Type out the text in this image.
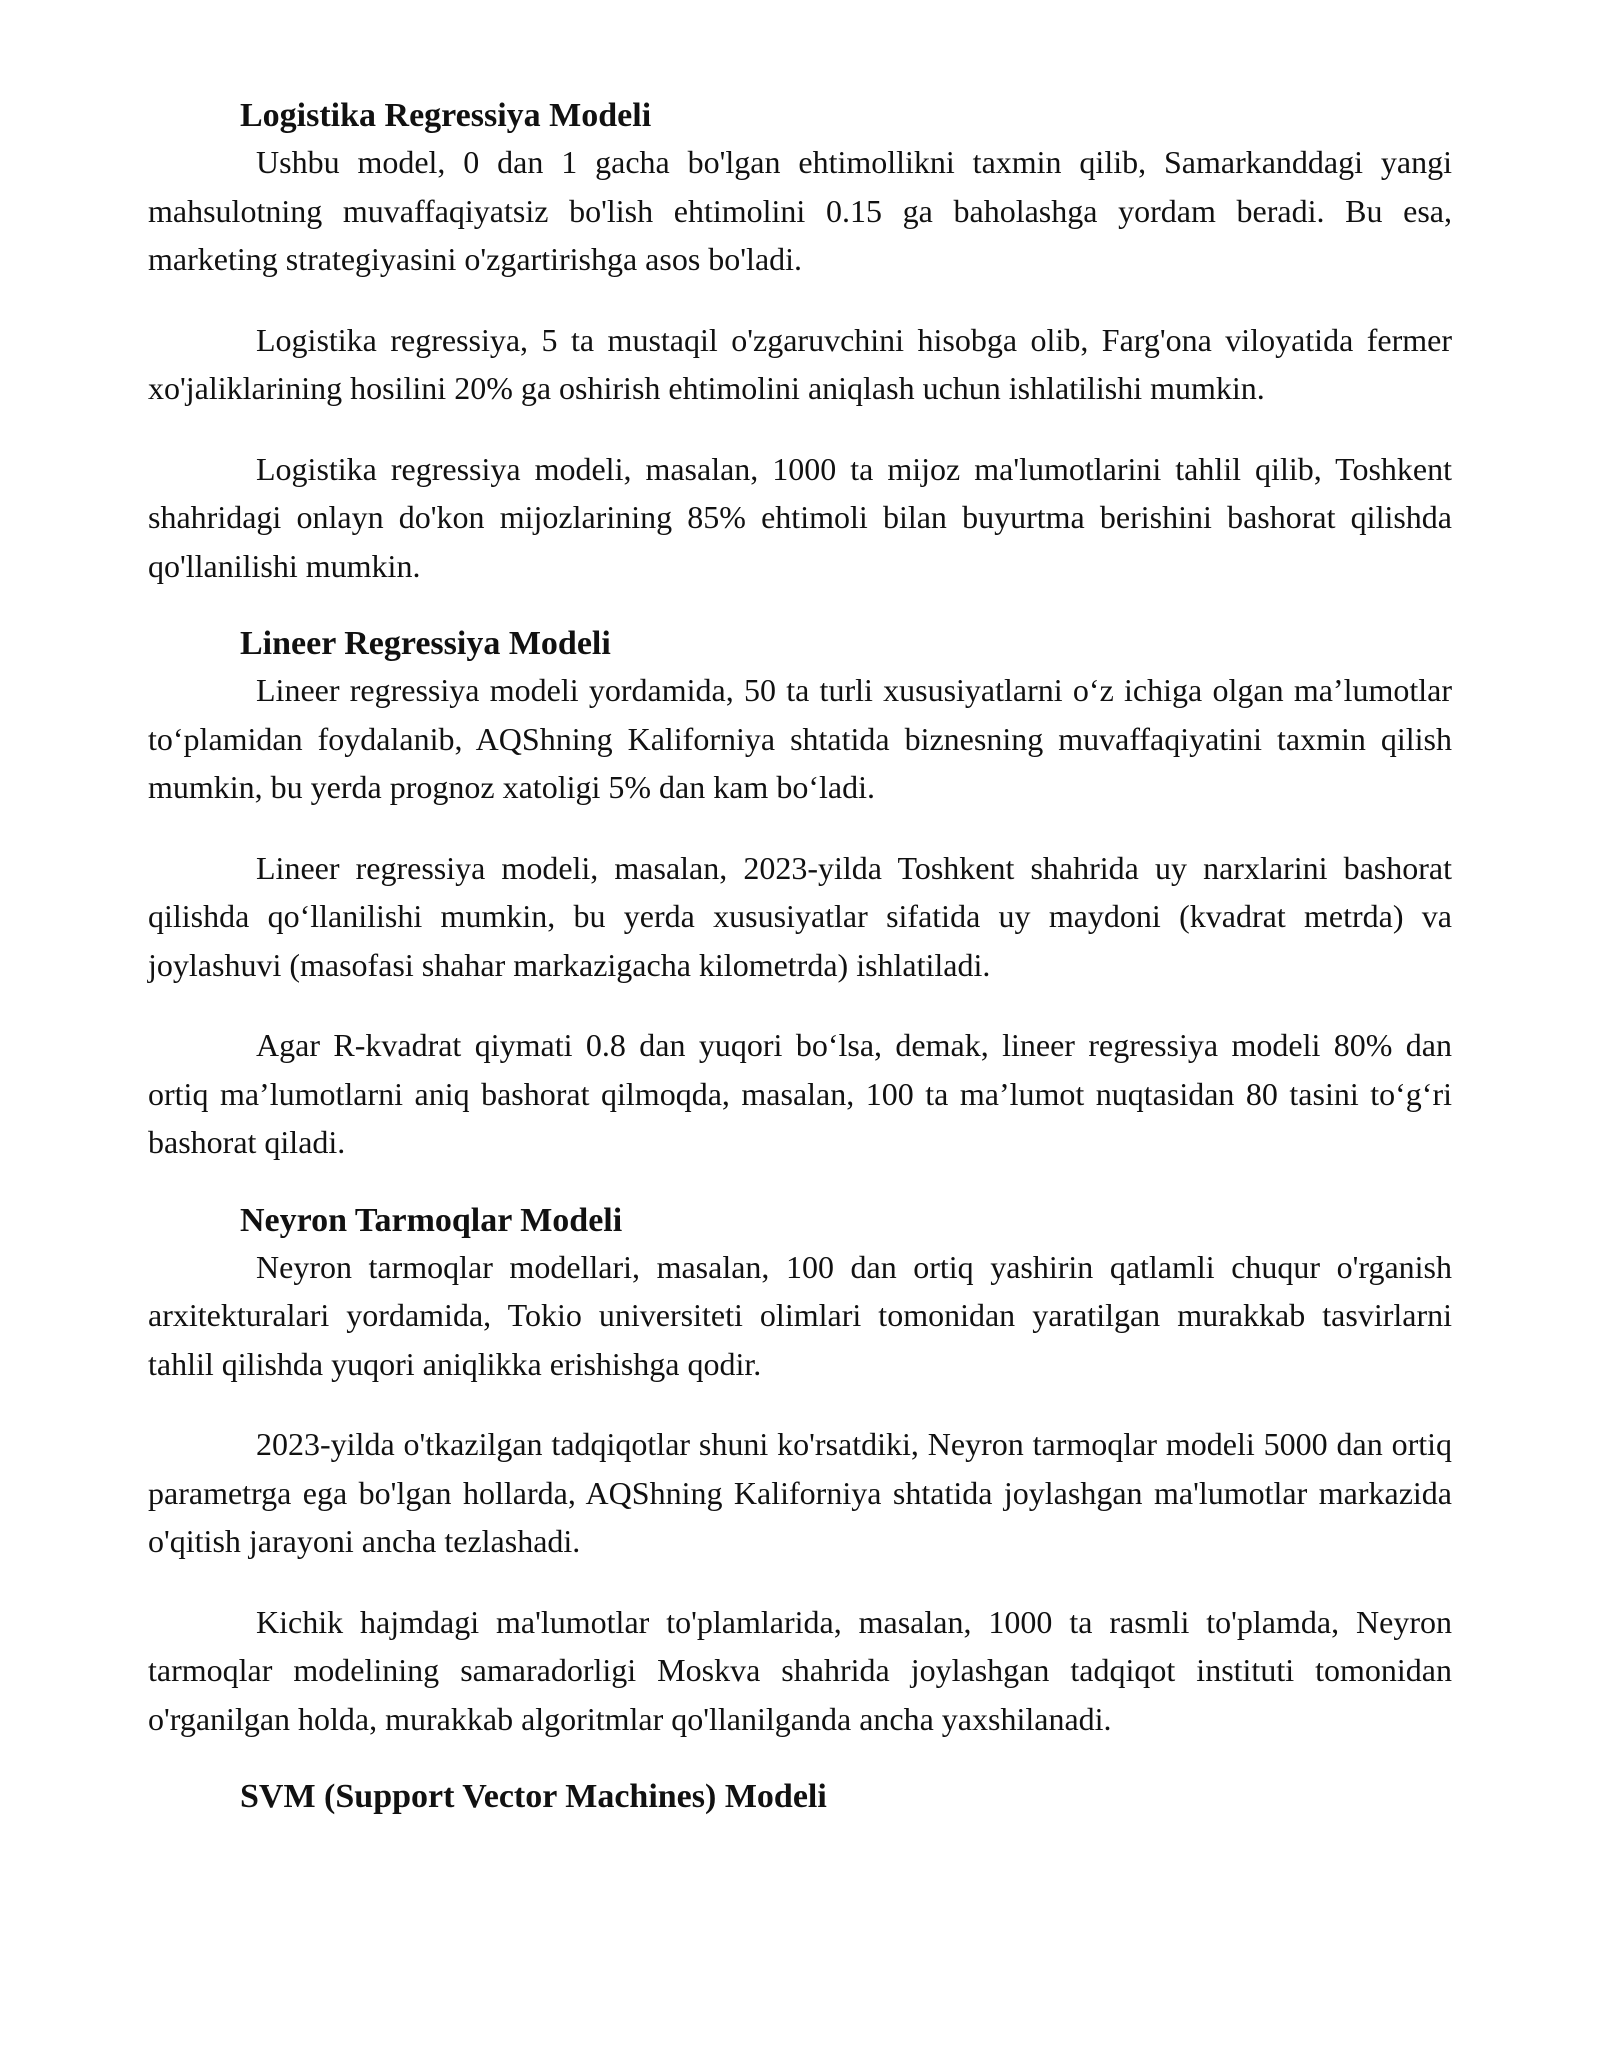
Logistika Regressiya Modeli

Ushbu model, 0 dan 1 gacha bo'lgan ehtimollikni taxmin qilib, Samarkanddagi yangi mahsulotning muvaffaqiyatsiz bo'lish ehtimolini 0.15 ga baholashga yordam beradi. Bu esa, marketing strategiyasini o'zgartirishga asos bo'ladi.

Logistika regressiya, 5 ta mustaqil o'zgaruvchini hisobga olib, Farg'ona viloyatida fermer xo'jaliklarining hosilini 20% ga oshirish ehtimolini aniqlash uchun ishlatilishi mumkin.

Logistika regressiya modeli, masalan, 1000 ta mijoz ma'lumotlarini tahlil qilib, Toshkent shahridagi onlayn do'kon mijozlarining 85% ehtimoli bilan buyurtma berishini bashorat qilishda qo'llanilishi mumkin.

Lineer Regressiya Modeli

Lineer regressiya modeli yordamida, 50 ta turli xususiyatlarni o‘z ichiga olgan ma’lumotlar to‘plamidan foydalanib, AQShning Kaliforniya shtatida biznesning muvaffaqiyatini taxmin qilish mumkin, bu yerda prognoz xatoligi 5% dan kam bo‘ladi.

Lineer regressiya modeli, masalan, 2023-yilda Toshkent shahrida uy narxlarini bashorat qilishda qo‘llanilishi mumkin, bu yerda xususiyatlar sifatida uy maydoni (kvadrat metrda) va joylashuvi (masofasi shahar markazigacha kilometrda) ishlatiladi.

Agar R-kvadrat qiymati 0.8 dan yuqori bo‘lsa, demak, lineer regressiya modeli 80% dan ortiq ma’lumotlarni aniq bashorat qilmoqda, masalan, 100 ta ma’lumot nuqtasidan 80 tasini to‘g‘ri bashorat qiladi.

Neyron Tarmoqlar Modeli

Neyron tarmoqlar modellari, masalan, 100 dan ortiq yashirin qatlamli chuqur o'rganish arxitekturalari yordamida, Tokio universiteti olimlari tomonidan yaratilgan murakkab tasvirlarni tahlil qilishda yuqori aniqlikka erishishga qodir.

2023-yilda o'tkazilgan tadqiqotlar shuni ko'rsatdiki, Neyron tarmoqlar modeli 5000 dan ortiq parametrga ega bo'lgan hollarda, AQShning Kaliforniya shtatida joylashgan ma'lumotlar markazida o'qitish jarayoni ancha tezlashadi.

Kichik hajmdagi ma'lumotlar to'plamlarida, masalan, 1000 ta rasmli to'plamda, Neyron tarmoqlar modelining samaradorligi Moskva shahrida joylashgan tadqiqot instituti tomonidan o'rganilgan holda, murakkab algoritmlar qo'llanilganda ancha yaxshilanadi.

SVM (Support Vector Machines) Modeli
